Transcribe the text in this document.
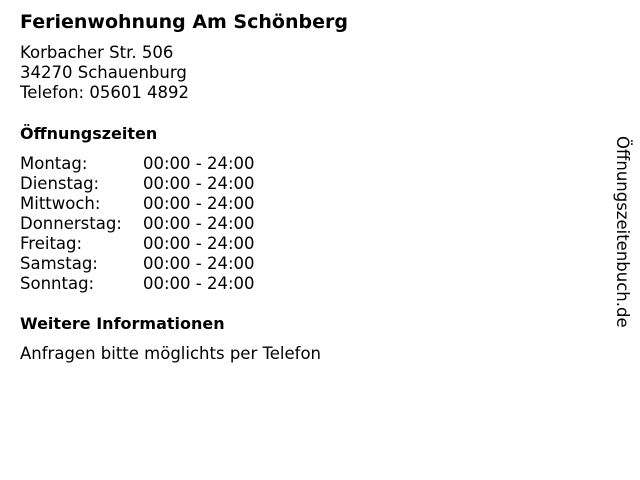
Ferienwohnung Am Schönberg
Korbacher Str. 506
34270 Schauenburg
Telefon: 05601 4892
Öffnungszeiten
Montag:	00:00 - 24:00
Dienstag:	00:00 - 24:00
Mittwoch:	00:00 - 24:00
Donnerstag:	00:00 - 24:00
Freitag:	00:00 - 24:00
Samstag:	00:00 - 24:00
Sonntag:	00:00 - 24:00
Weitere Informationen
Anfragen bitte möglichts per Telefon
Öffnungszeitenbuch.de
